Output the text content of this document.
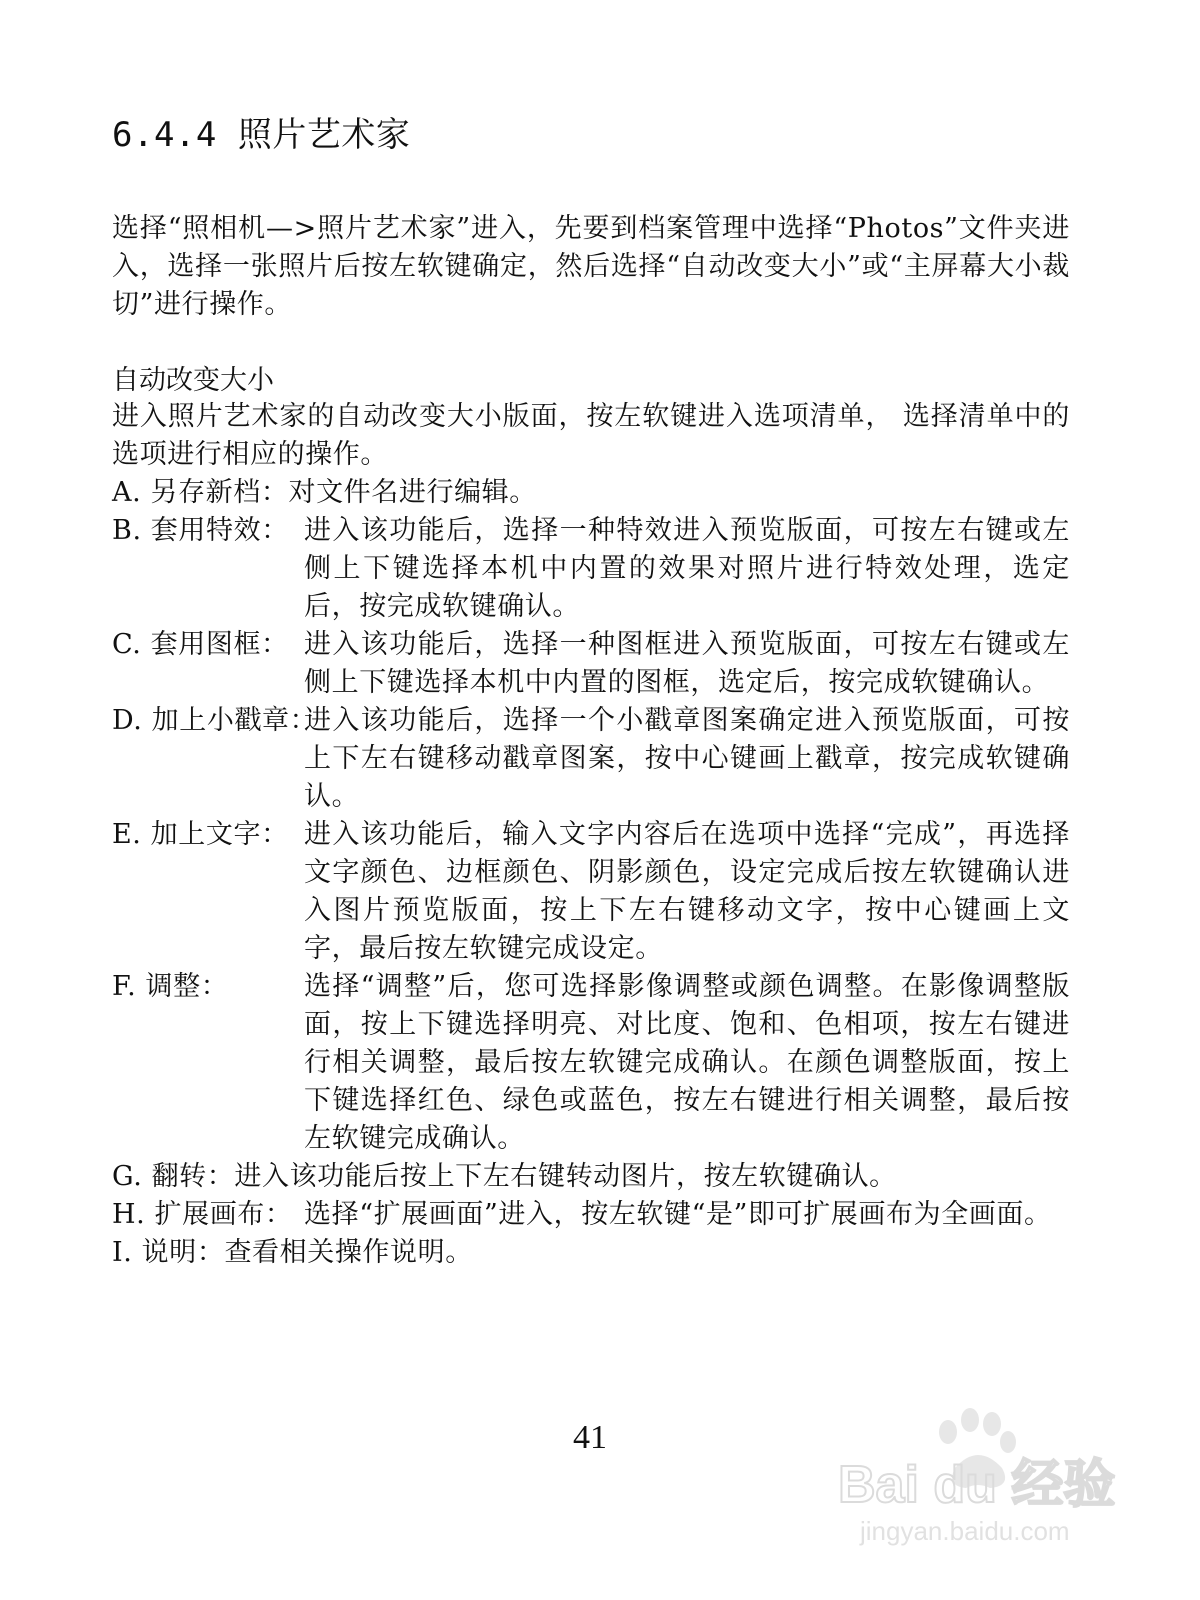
6.4.4 照片艺术家
选择“照相机—>照片艺术家”进入，先要到档案管理中选择“Photos”文件夹进入，选择一张照片后按左软键确定，然后选择“自动改变大小”或“主屏幕大小裁切”进行操作。
自动改变大小
进入照片艺术家的自动改变大小版面，按左软键进入选项清单， 选择清单中的选项进行相应的操作。
A. 另存新档：对文件名进行编辑。
B. 套用特效： 进入该功能后，选择一种特效进入预览版面，可按左右键或左侧上下键选择本机中内置的效果对照片进行特效处理，选定后，按完成软键确认。
C. 套用图框： 进入该功能后，选择一种图框进入预览版面，可按左右键或左侧上下键选择本机中内置的图框，选定后，按完成软键确认。
D. 加上小戳章：
进入该功能后，选择一个小戳章图案确定进入预览版面，可按上下左右键移动戳章图案，按中心键画上戳章，按完成软键确认。
E. 加上文字： 进入该功能后，输入文字内容后在选项中选择“完成”，再选择文字颜色、边框颜色、阴影颜色，设定完成后按左软键确认进入图片预览版面，按上下左右键移动文字，按中心键画上文字，最后按左软键完成设定。
F. 调整：	选择“调整”后，您可选择影像调整或颜色调整。在影像调整版面，按上下键选择明亮、对比度、饱和、色相项，按左右键进行相关调整，最后按左软键完成确认。在颜色调整版面，按上下键选择红色、绿色或蓝色，按左右键进行相关调整，最后按左软键完成确认。
G. 翻转：进入该功能后按上下左右键转动图片，按左软键确认。
H. 扩展画布： 选择“扩展画面”进入，按左软键“是”即可扩展画布为全画面。
I. 说明：查看相关操作说明。
41
Bai du 经验
jingyan.baidu.com
